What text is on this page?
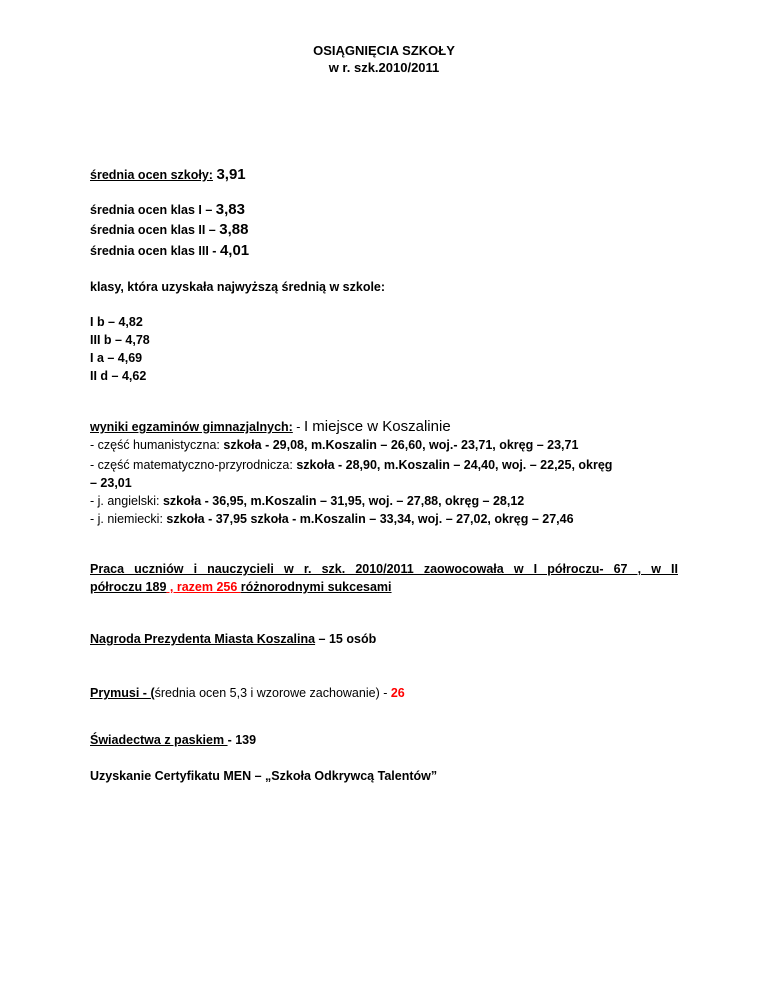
OSIĄGNIĘCIA SZKOŁY
w r. szk.2010/2011
średnia ocen szkoły: 3,91
średnia ocen klas I – 3,83
średnia ocen klas II – 3,88
średnia ocen klas III - 4,01
klasy, która uzyskała najwyższą średnią w szkole:
I b – 4,82
III b – 4,78
I a – 4,69
II d – 4,62
wyniki egzaminów gimnazjalnych: - I miejsce w Koszalinie
- część humanistyczna: szkoła - 29,08, m.Koszalin – 26,60, woj.- 23,71, okręg – 23,71
- część matematyczno-przyrodnicza: szkoła - 28,90, m.Koszalin – 24,40, woj. – 22,25, okręg
– 23,01
- j. angielski: szkoła - 36,95, m.Koszalin – 31,95, woj. – 27,88, okręg – 28,12
- j. niemiecki: szkoła - 37,95 szkoła - m.Koszalin – 33,34, woj. – 27,02, okręg – 27,46
Praca uczniów i nauczycieli w r. szk. 2010/2011 zaowocowała w I półroczu- 67 , w II
półroczu 189 , razem 256 różnorodnymi sukcesami
Nagroda Prezydenta Miasta Koszalina – 15 osób
Prymusi - (średnia ocen 5,3 i wzorowe zachowanie) - 26
Świadectwa z paskiem - 139
Uzyskanie Certyfikatu MEN – „Szkoła Odkrywcą Talentów”
